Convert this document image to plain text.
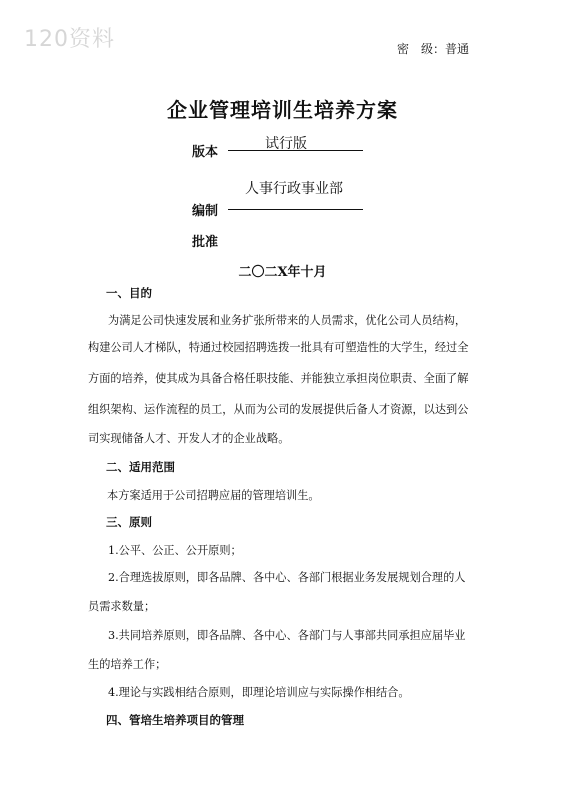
120资料	密　级：普通
企业管理培训生培养方案
版本
试行版
人事行政事业部
编制
批准
二〇二X年十月
一、目的
为满足公司快速发展和业务扩张所带来的人员需求，优化公司人员结构，
构建公司人才梯队，特通过校园招聘选拨一批具有可塑造性的大学生，经过全
方面的培养，使其成为具备合格任职技能、并能独立承担岗位职责、全面了解
组织架构、运作流程的员工，从而为公司的发展提供后备人才资源，以达到公
司实现储备人才、开发人才的企业战略。
二、适用范围
本方案适用于公司招聘应届的管理培训生。
三、原则
1.公平、公正、公开原则；
2.合理选拔原则，即各品牌、各中心、各部门根据业务发展规划合理的人
员需求数量；
3.共同培养原则，即各品牌、各中心、各部门与人事部共同承担应届毕业
生的培养工作；
4.理论与实践相结合原则，即理论培训应与实际操作相结合。
四、管培生培养项目的管理
